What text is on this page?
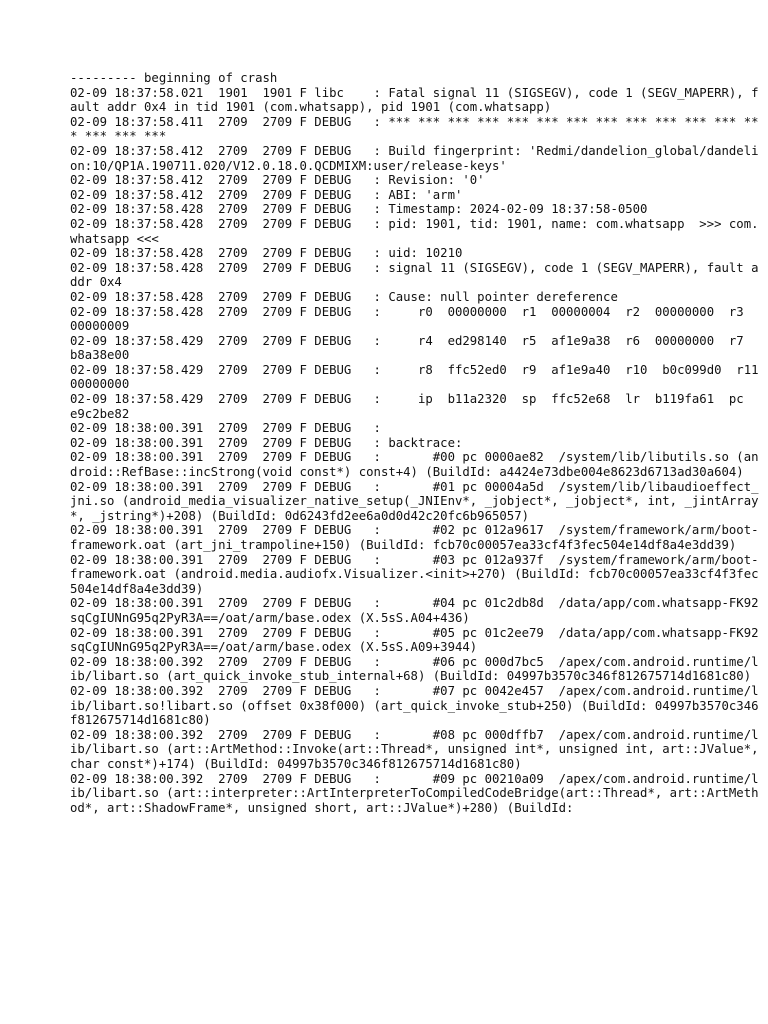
--------- beginning of crash
02-09 18:37:58.021  1901  1901 F libc    : Fatal signal 11 (SIGSEGV), code 1 (SEGV_MAPERR), fault addr 0x4 in tid 1901 (com.whatsapp), pid 1901 (com.whatsapp)
02-09 18:37:58.411  2709  2709 F DEBUG   : *** *** *** *** *** *** *** *** *** *** *** *** *** *** *** ***
02-09 18:37:58.412  2709  2709 F DEBUG   : Build fingerprint: 'Redmi/dandelion_global/dandelion:10/QP1A.190711.020/V12.0.18.0.QCDMIXM:user/release-keys'
02-09 18:37:58.412  2709  2709 F DEBUG   : Revision: '0'
02-09 18:37:58.412  2709  2709 F DEBUG   : ABI: 'arm'
02-09 18:37:58.428  2709  2709 F DEBUG   : Timestamp: 2024-02-09 18:37:58-0500
02-09 18:37:58.428  2709  2709 F DEBUG   : pid: 1901, tid: 1901, name: com.whatsapp  >>> com.whatsapp <<<
02-09 18:37:58.428  2709  2709 F DEBUG   : uid: 10210
02-09 18:37:58.428  2709  2709 F DEBUG   : signal 11 (SIGSEGV), code 1 (SEGV_MAPERR), fault addr 0x4
02-09 18:37:58.428  2709  2709 F DEBUG   : Cause: null pointer dereference
02-09 18:37:58.428  2709  2709 F DEBUG   :     r0  00000000  r1  00000004  r2  00000000  r3  00000009
02-09 18:37:58.429  2709  2709 F DEBUG   :     r4  ed298140  r5  af1e9a38  r6  00000000  r7  b8a38e00
02-09 18:37:58.429  2709  2709 F DEBUG   :     r8  ffc52ed0  r9  af1e9a40  r10  b0c099d0  r11 00000000
02-09 18:37:58.429  2709  2709 F DEBUG   :     ip  b11a2320  sp  ffc52e68  lr  b119fa61  pc  e9c2be82
02-09 18:38:00.391  2709  2709 F DEBUG   :
02-09 18:38:00.391  2709  2709 F DEBUG   : backtrace:
02-09 18:38:00.391  2709  2709 F DEBUG   :       #00 pc 0000ae82  /system/lib/libutils.so (android::RefBase::incStrong(void const*) const+4) (BuildId: a4424e73dbe004e8623d6713ad30a604)
02-09 18:38:00.391  2709  2709 F DEBUG   :       #01 pc 00004a5d  /system/lib/libaudioeffect_jni.so (android_media_visualizer_native_setup(_JNIEnv*, _jobject*, _jobject*, int, _jintArray*, _jstring*)+208) (BuildId: 0d6243fd2ee6a0d0d42c20fc6b965057)
02-09 18:38:00.391  2709  2709 F DEBUG   :       #02 pc 012a9617  /system/framework/arm/boot-framework.oat (art_jni_trampoline+150) (BuildId: fcb70c00057ea33cf4f3fec504e14df8a4e3dd39)
02-09 18:38:00.391  2709  2709 F DEBUG   :       #03 pc 012a937f  /system/framework/arm/boot-framework.oat (android.media.audiofx.Visualizer.<init>+270) (BuildId: fcb70c00057ea33cf4f3fec504e14df8a4e3dd39)
02-09 18:38:00.391  2709  2709 F DEBUG   :       #04 pc 01c2db8d  /data/app/com.whatsapp-FK92sqCgIUNnG95q2PyR3A==/oat/arm/base.odex (X.5sS.A04+436)
02-09 18:38:00.391  2709  2709 F DEBUG   :       #05 pc 01c2ee79  /data/app/com.whatsapp-FK92sqCgIUNnG95q2PyR3A==/oat/arm/base.odex (X.5sS.A09+3944)
02-09 18:38:00.392  2709  2709 F DEBUG   :       #06 pc 000d7bc5  /apex/com.android.runtime/lib/libart.so (art_quick_invoke_stub_internal+68) (BuildId: 04997b3570c346f812675714d1681c80)
02-09 18:38:00.392  2709  2709 F DEBUG   :       #07 pc 0042e457  /apex/com.android.runtime/lib/libart.so!libart.so (offset 0x38f000) (art_quick_invoke_stub+250) (BuildId: 04997b3570c346f812675714d1681c80)
02-09 18:38:00.392  2709  2709 F DEBUG   :       #08 pc 000dffb7  /apex/com.android.runtime/lib/libart.so (art::ArtMethod::Invoke(art::Thread*, unsigned int*, unsigned int, art::JValue*, char const*)+174) (BuildId: 04997b3570c346f812675714d1681c80)
02-09 18:38:00.392  2709  2709 F DEBUG   :       #09 pc 00210a09  /apex/com.android.runtime/lib/libart.so (art::interpreter::ArtInterpreterToCompiledCodeBridge(art::Thread*, art::ArtMethod*, art::ShadowFrame*, unsigned short, art::JValue*)+280) (BuildId:
